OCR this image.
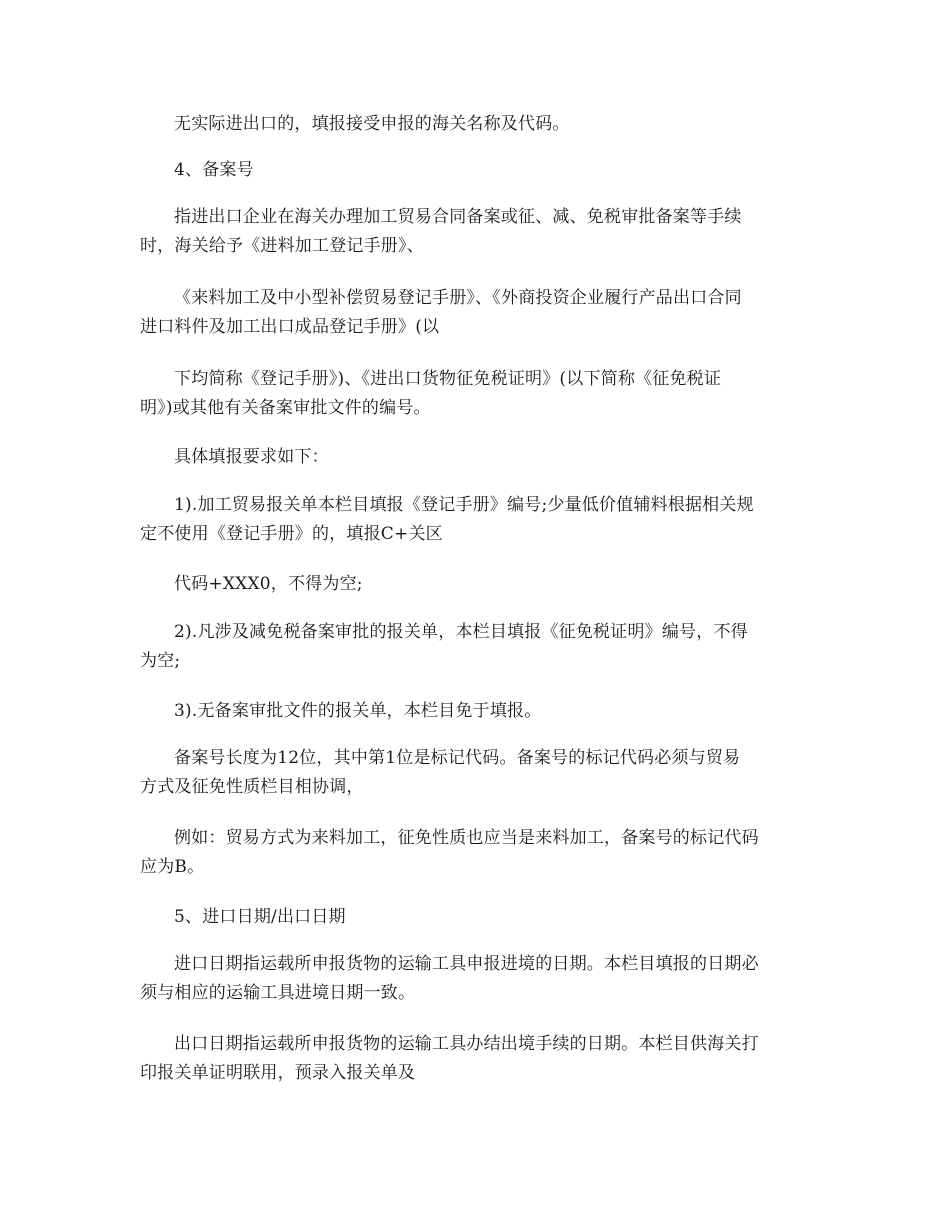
无实际进出口的，填报接受申报的海关名称及代码。

4、备案号

指进出口企业在海关办理加工贸易合同备案或征、减、免税审批备案等手续
时，海关给予《进料加工登记手册》、

《来料加工及中小型补偿贸易登记手册》、《外商投资企业履行产品出口合同
进口料件及加工出口成品登记手册》(以

下均简称《登记手册》)、《进出口货物征免税证明》(以下简称《征免税证
明》)或其他有关备案审批文件的编号。

具体填报要求如下：

1).加工贸易报关单本栏目填报《登记手册》编号;少量低价值辅料根据相关规
定不使用《登记手册》的，填报C+关区

代码+XXX0，不得为空;

2).凡涉及减免税备案审批的报关单，本栏目填报《征免税证明》编号，不得
为空;

3).无备案审批文件的报关单，本栏目免于填报。

备案号长度为12位，其中第1位是标记代码。备案号的标记代码必须与贸易
方式及征免性质栏目相协调，

例如：贸易方式为来料加工，征免性质也应当是来料加工，备案号的标记代码
应为B。

5、进口日期/出口日期

进口日期指运载所申报货物的运输工具申报进境的日期。本栏目填报的日期必
须与相应的运输工具进境日期一致。

出口日期指运载所申报货物的运输工具办结出境手续的日期。本栏目供海关打
印报关单证明联用，预录入报关单及
